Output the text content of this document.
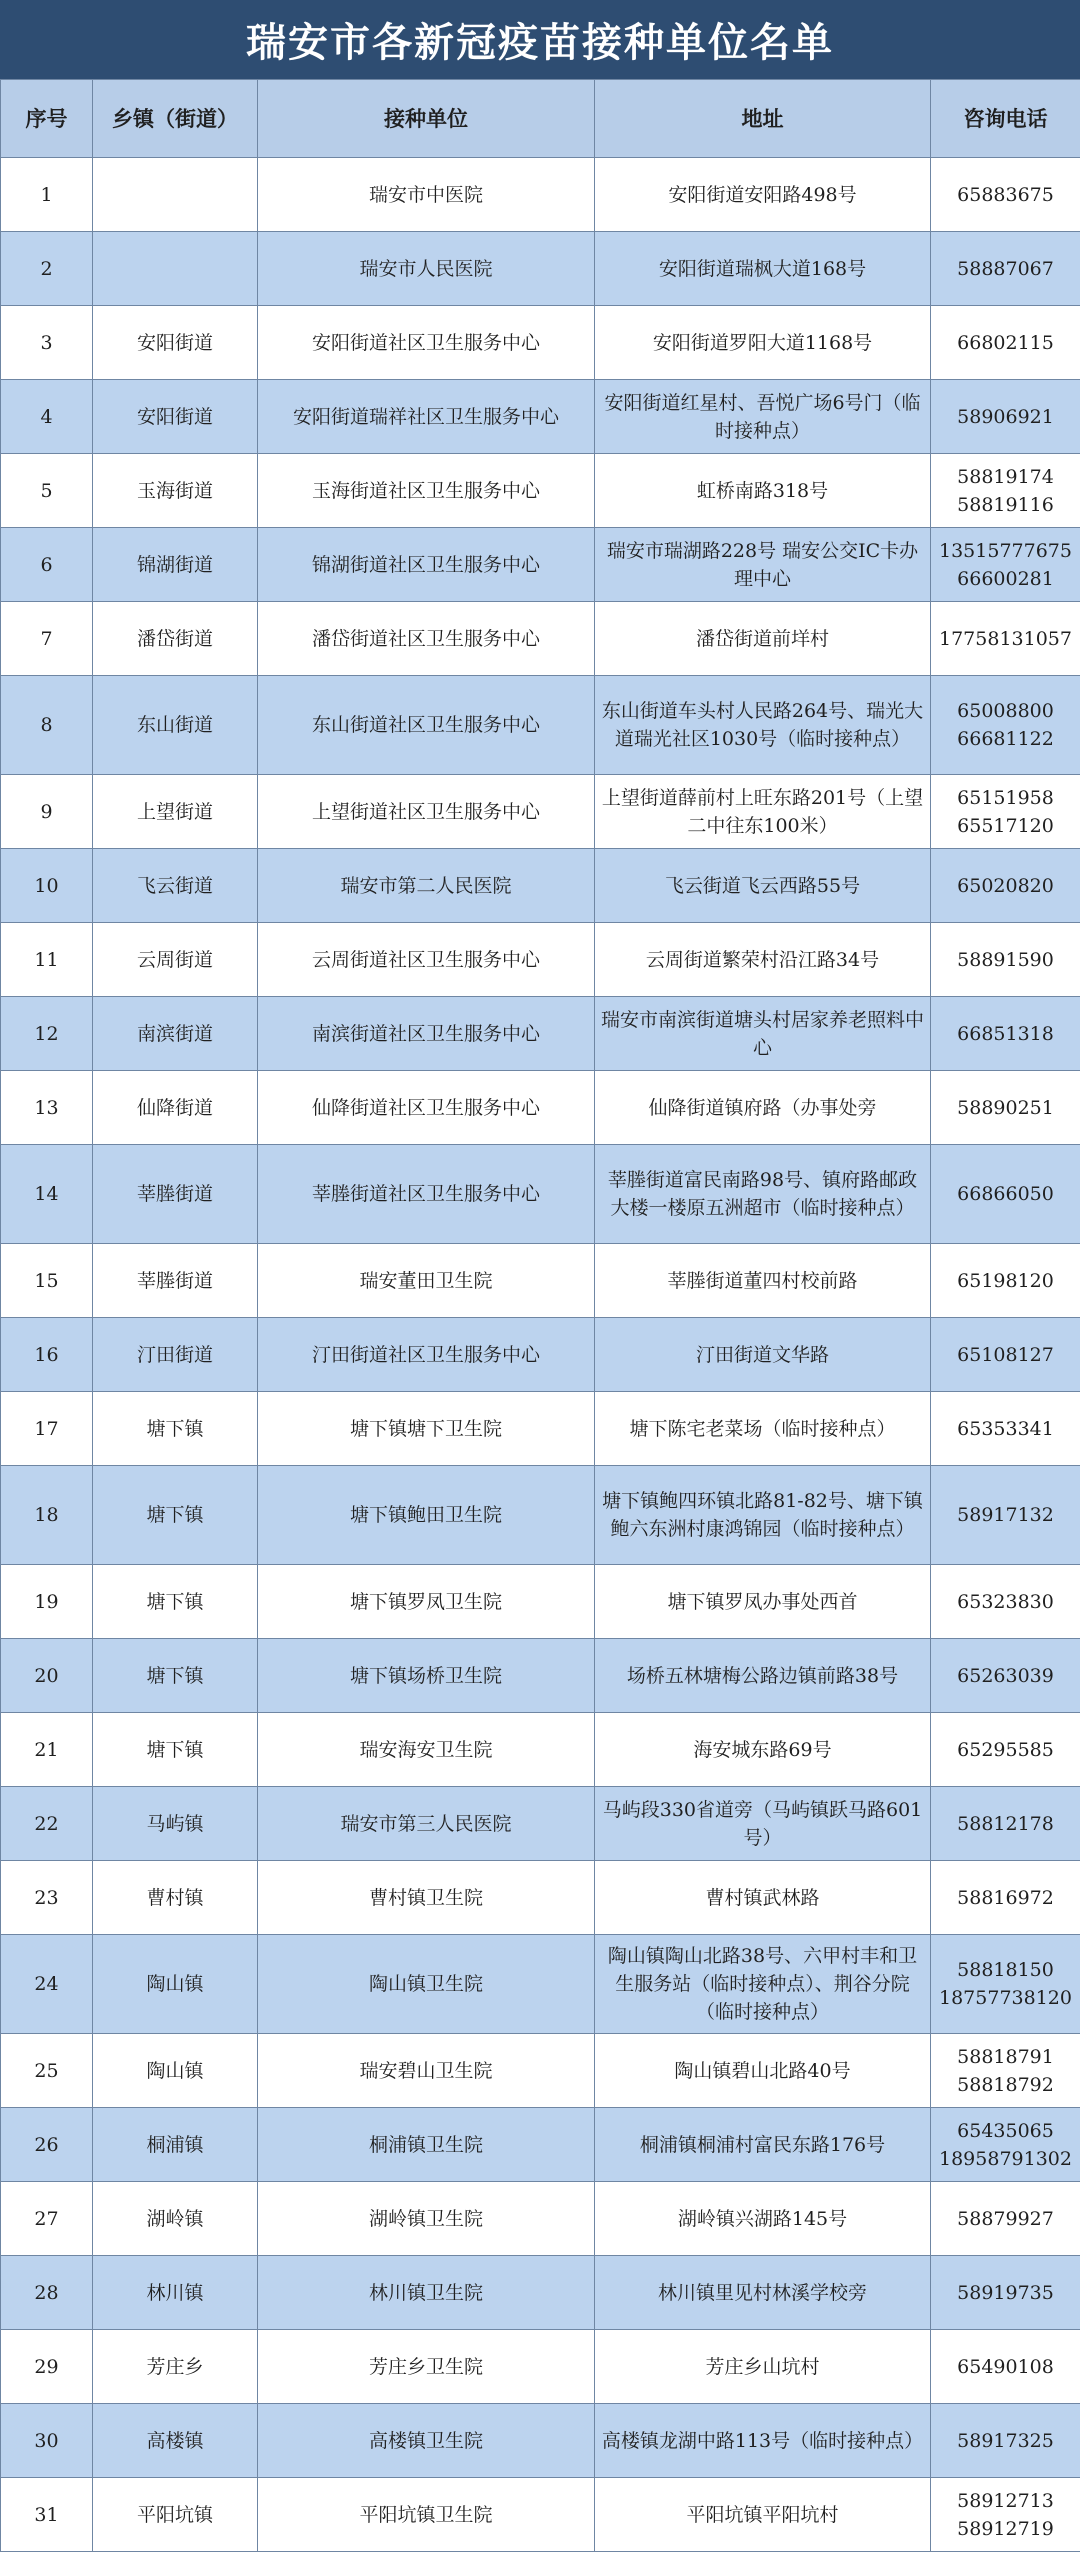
瑞安市各新冠疫苗接种单位名单
序号	乡镇（街道）	接种单位	地址	咨询电话
1		瑞安市中医院	安阳街道安阳路498号	65883675
2		瑞安市人民医院	安阳街道瑞枫大道168号	58887067
3	安阳街道	安阳街道社区卫生服务中心	安阳街道罗阳大道1168号	66802115
4	安阳街道	安阳街道瑞祥社区卫生服务中心	安阳街道红星村、吾悦广场6号门（临时接种点）	58906921
5	玉海街道	玉海街道社区卫生服务中心	虹桥南路318号	58819174
58819116
6	锦湖街道	锦湖街道社区卫生服务中心	瑞安市瑞湖路228号 瑞安公交IC卡办理中心	13515777675
66600281
7	潘岱街道	潘岱街道社区卫生服务中心	潘岱街道前垟村	17758131057
8	东山街道	东山街道社区卫生服务中心	东山街道车头村人民路264号、瑞光大道瑞光社区1030号（临时接种点）	65008800
66681122
9	上望街道	上望街道社区卫生服务中心	上望街道薛前村上旺东路201号（上望二中往东100米）	65151958
65517120
10	飞云街道	瑞安市第二人民医院	飞云街道飞云西路55号	65020820
11	云周街道	云周街道社区卫生服务中心	云周街道繁荣村沿江路34号	58891590
12	南滨街道	南滨街道社区卫生服务中心	瑞安市南滨街道塘头村居家养老照料中心	66851318
13	仙降街道	仙降街道社区卫生服务中心	仙降街道镇府路（办事处旁	58890251
14	莘塍街道	莘塍街道社区卫生服务中心	莘塍街道富民南路98号、镇府路邮政大楼一楼原五洲超市（临时接种点）	66866050
15	莘塍街道	瑞安董田卫生院	莘塍街道董四村校前路	65198120
16	汀田街道	汀田街道社区卫生服务中心	汀田街道文华路	65108127
17	塘下镇	塘下镇塘下卫生院	塘下陈宅老菜场（临时接种点）	65353341
18	塘下镇	塘下镇鲍田卫生院	塘下镇鲍四环镇北路81-82号、塘下镇鲍六东洲村康鸿锦园（临时接种点）	58917132
19	塘下镇	塘下镇罗凤卫生院	塘下镇罗凤办事处西首	65323830
20	塘下镇	塘下镇场桥卫生院	场桥五林塘梅公路边镇前路38号	65263039
21	塘下镇	瑞安海安卫生院	海安城东路69号	65295585
22	马屿镇	瑞安市第三人民医院	马屿段330省道旁（马屿镇跃马路601号）	58812178
23	曹村镇	曹村镇卫生院	曹村镇武林路	58816972
24	陶山镇	陶山镇卫生院	陶山镇陶山北路38号、六甲村丰和卫生服务站（临时接种点）、荆谷分院（临时接种点）	58818150
18757738120
25	陶山镇	瑞安碧山卫生院	陶山镇碧山北路40号	58818791
58818792
26	桐浦镇	桐浦镇卫生院	桐浦镇桐浦村富民东路176号	65435065
18958791302
27	湖岭镇	湖岭镇卫生院	湖岭镇兴湖路145号	58879927
28	林川镇	林川镇卫生院	林川镇里见村林溪学校旁	58919735
29	芳庄乡	芳庄乡卫生院	芳庄乡山坑村	65490108
30	高楼镇	高楼镇卫生院	高楼镇龙湖中路113号（临时接种点）	58917325
31	平阳坑镇	平阳坑镇卫生院	平阳坑镇平阳坑村	58912713
58912719
